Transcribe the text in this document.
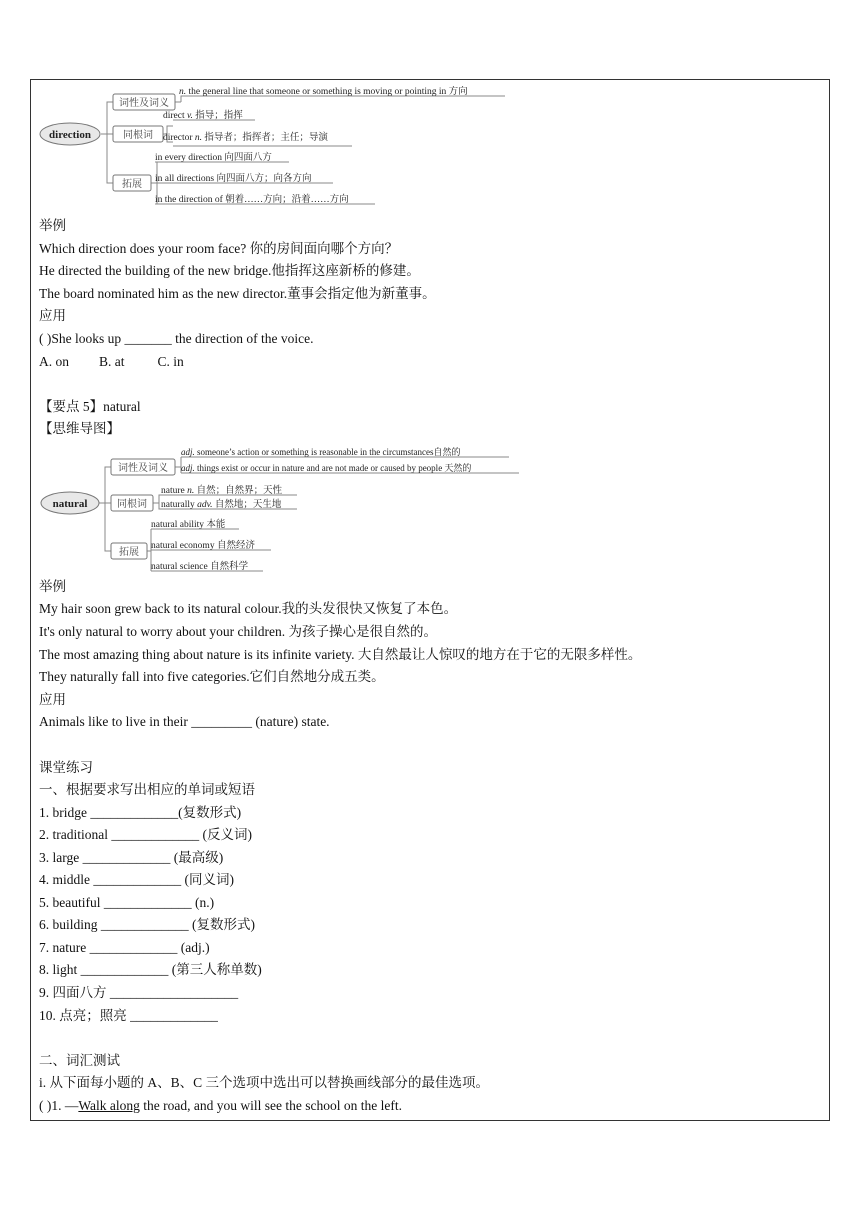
direction
词性及词义
同根词
拓展
n. the general line that someone or something is moving or pointing in 方向
direct v. 指导；指挥
director n. 指导者；指挥者；主任；导演
in every direction 向四面八方
in all directions 向四面八方；向各方向
in the direction of 朝着……方向；沿着……方向
举例
Which direction does your room face? 你的房间面向哪个方向？
He directed the building of the new bridge.他指挥这座新桥的修建。
The board nominated him as the new director.董事会指定他为新董事。
应用
( )She looks up _______ the direction of the voice.
A. on B. at C. in
【要点 5】natural
【思维导图】
natural
词性及词义
同根词
拓展
adj. someone’s action or something is reasonable in the circumstances自然的
adj. things exist or occur in nature and are not made or caused by people 天然的
nature n. 自然；自然界；天性
naturally adv. 自然地；天生地
natural ability 本能
natural economy 自然经济
natural science 自然科学
举例
My hair soon grew back to its natural colour.我的头发很快又恢复了本色。
It's only natural to worry about your children. 为孩子操心是很自然的。
The most amazing thing about nature is its infinite variety. 大自然最让人惊叹的地方在于它的无限多样性。
They naturally fall into five categories.它们自然地分成五类。
应用
Animals like to live in their _________ (nature) state.
课堂练习
一、根据要求写出相应的单词或短语
1. bridge _____________(复数形式)
2. traditional _____________ (反义词)
3. large _____________ (最高级)
4. middle _____________ (同义词)
5. beautiful _____________ (n.)
6. building _____________ (复数形式)
7. nature _____________ (adj.)
8. light _____________ (第三人称单数)
9. 四面八方 ___________________
10. 点亮；照亮 _____________
二、词汇测试
i. 从下面每小题的 A、B、C 三个选项中选出可以替换画线部分的最佳选项。
( )1. —Walk along the road, and you will see the school on the left.
